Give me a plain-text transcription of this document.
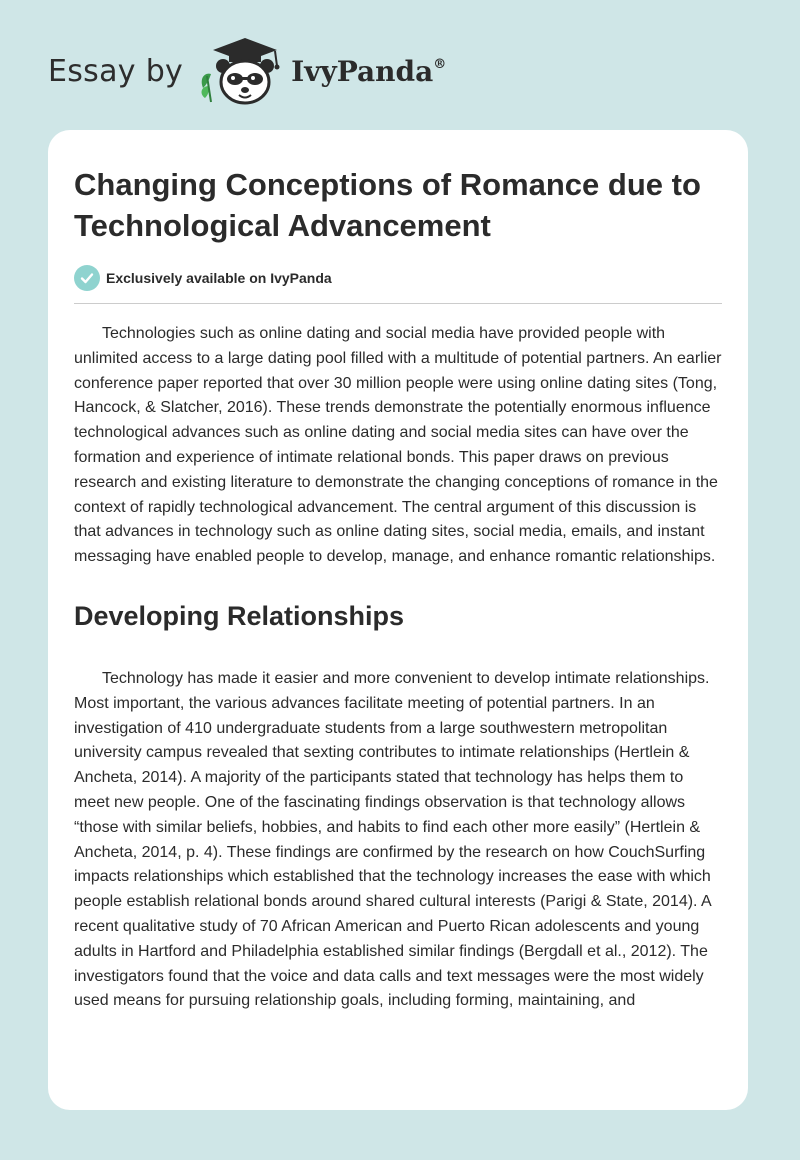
Essay by	IvyPanda®
Changing Conceptions of Romance due to Technological Advancement
Exclusively available on IvyPanda

Technologies such as online dating and social media have provided people with unlimited access to a large dating pool filled with a multitude of potential partners. An earlier conference paper reported that over 30 million people were using online dating sites (Tong, Hancock, & Slatcher, 2016). These trends demonstrate the potentially enormous influence technological advances such as online dating and social media sites can have over the formation and experience of intimate relational bonds. This paper draws on previous research and existing literature to demonstrate the changing conceptions of romance in the context of rapidly technological advancement. The central argument of this discussion is that advances in technology such as online dating sites, social media, emails, and instant messaging have enabled people to develop, manage, and enhance romantic relationships.

Developing Relationships

Technology has made it easier and more convenient to develop intimate relationships. Most important, the various advances facilitate meeting of potential partners. In an investigation of 410 undergraduate students from a large southwestern metropolitan university campus revealed that sexting contributes to intimate relationships (Hertlein & Ancheta, 2014). A majority of the participants stated that technology has helps them to meet new people. One of the fascinating findings observation is that technology allows “those with similar beliefs, hobbies, and habits to find each other more easily” (Hertlein & Ancheta, 2014, p. 4). These findings are confirmed by the research on how CouchSurfing impacts relationships which established that the technology increases the ease with which people establish relational bonds around shared cultural interests (Parigi & State, 2014). A recent qualitative study of 70 African American and Puerto Rican adolescents and young adults in Hartford and Philadelphia established similar findings (Bergdall et al., 2012). The investigators found that the voice and data calls and text messages were the most widely used means for pursuing relationship goals, including forming, maintaining, and
